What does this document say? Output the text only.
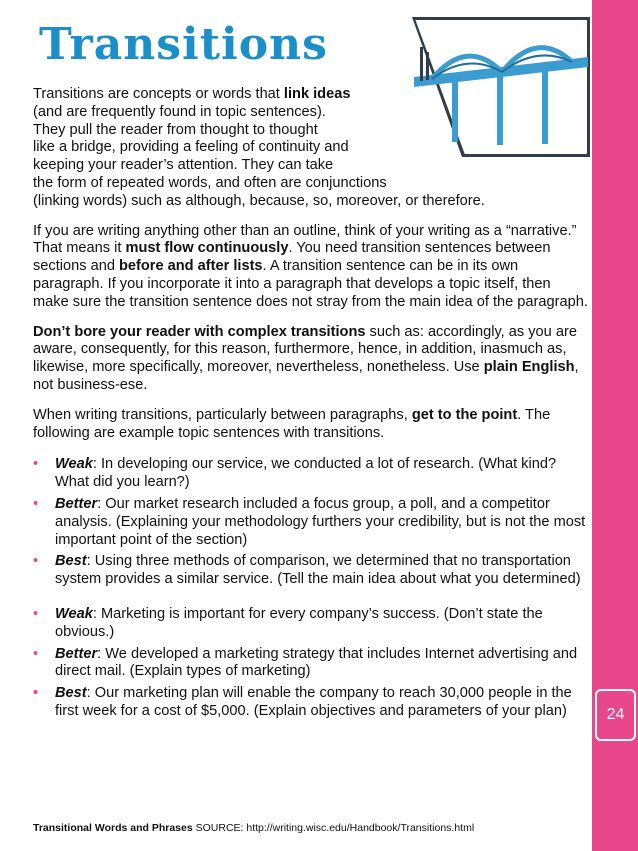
24
Transitions

Transitions are concepts or words that link ideas
(and are frequently found in topic sentences).
They pull the reader from thought to thought
like a bridge, providing a feeling of continuity and
keeping your reader’s attention. They can take
the form of repeated words, and often are conjunctions
(linking words) such as although, because, so, moreover, or therefore.

If you are writing anything other than an outline, think of your writing as a “narrative.” That means it must flow continuously. You need transition sentences between sections and before and after lists. A transition sentence can be in its own paragraph. If you incorporate it into a paragraph that develops a topic itself, then make sure the transition sentence does not stray from the main idea of the paragraph.

Don’t bore your reader with complex transitions such as: accordingly, as you are aware, consequently, for this reason, furthermore, hence, in addition, inasmuch as, likewise, more specifically, moreover, nevertheless, nonetheless. Use plain English, not business-ese.

When writing transitions, particularly between paragraphs, get to the point. The following are example topic sentences with transitions.

• Weak: In developing our service, we conducted a lot of research. (What kind? What did you learn?)
• Better: Our market research included a focus group, a poll, and a competitor analysis. (Explaining your methodology furthers your credibility, but is not the most important point of the section)
• Best: Using three methods of comparison, we determined that no transportation system provides a similar service. (Tell the main idea about what you determined)
• Weak: Marketing is important for every company’s success. (Don’t state the obvious.)
• Better: We developed a marketing strategy that includes Internet advertising and direct mail. (Explain types of marketing)
• Best: Our marketing plan will enable the company to reach 30,000 people in the first week for a cost of $5,000. (Explain objectives and parameters of your plan)
Transitional Words and Phrases SOURCE: http://writing.wisc.edu/Handbook/Transitions.html
